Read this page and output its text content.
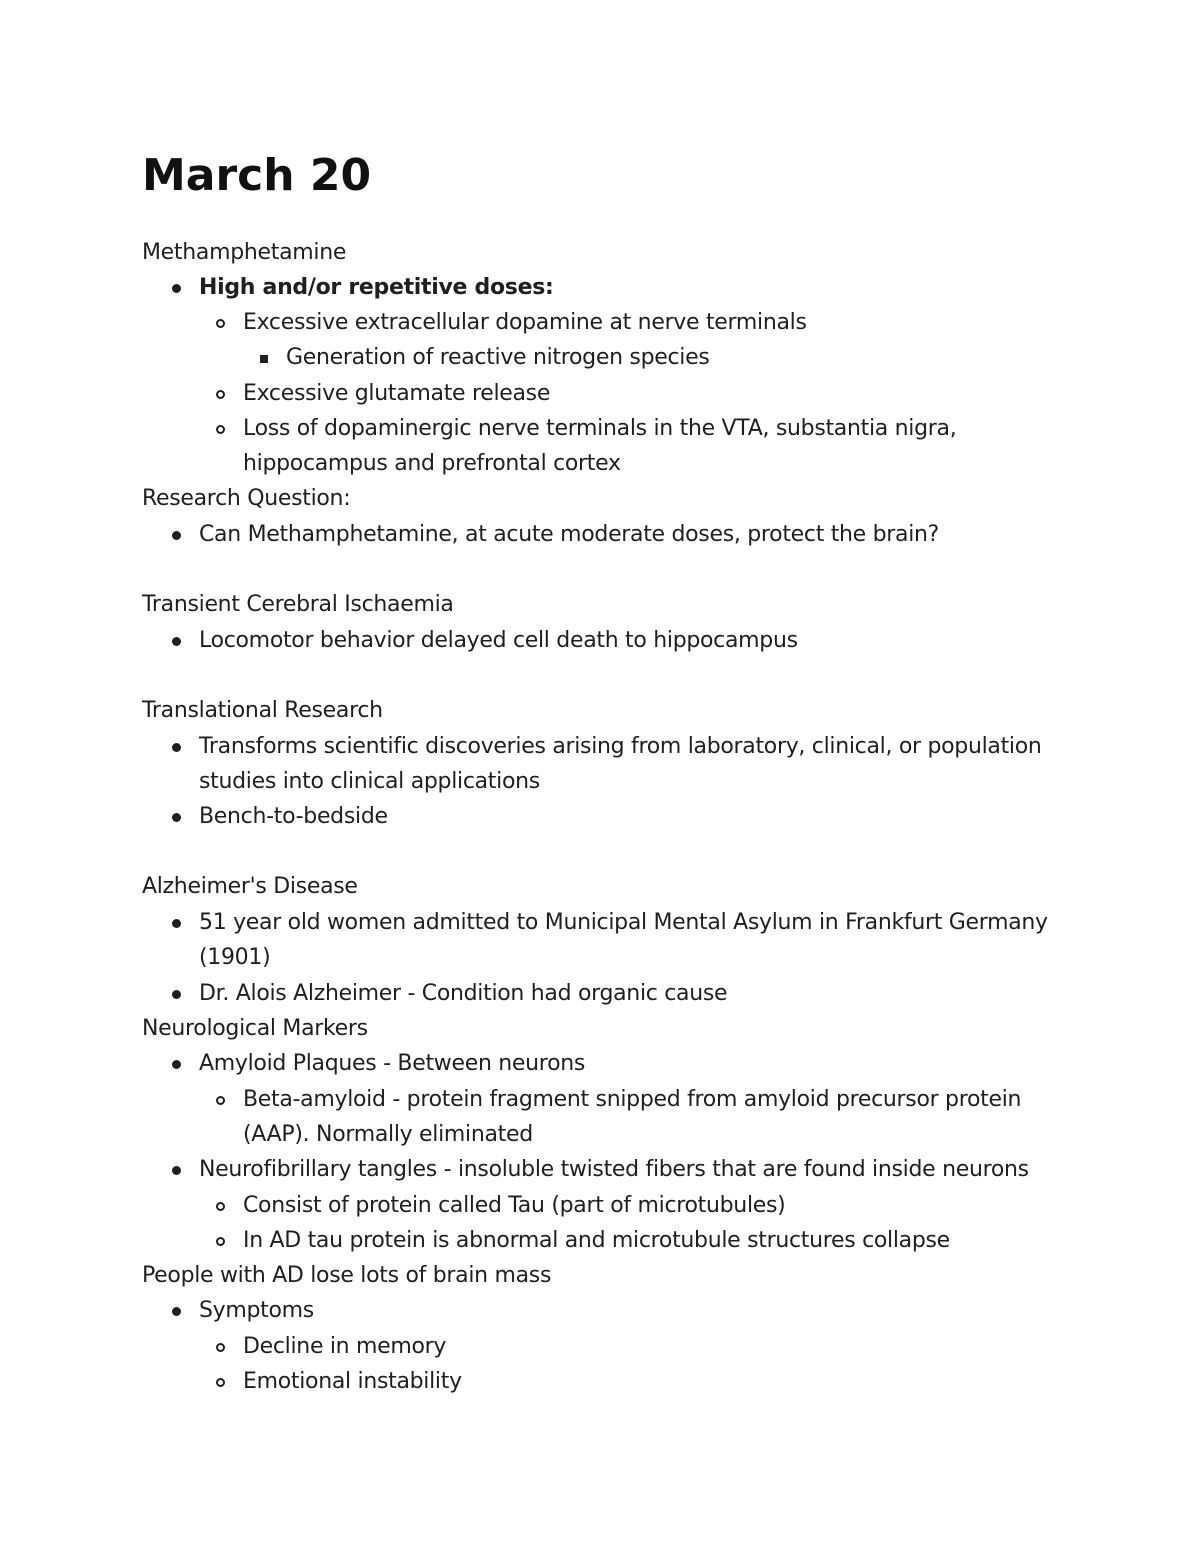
March 20
Methamphetamine
High and/or repetitive doses:
Excessive extracellular dopamine at nerve terminals
Generation of reactive nitrogen species
Excessive glutamate release
Loss of dopaminergic nerve terminals in the VTA, substantia nigra,
hippocampus and prefrontal cortex
Research Question:
Can Methamphetamine, at acute moderate doses, protect the brain?
Transient Cerebral Ischaemia
Locomotor behavior delayed cell death to hippocampus
Translational Research
Transforms scientific discoveries arising from laboratory, clinical, or population
studies into clinical applications
Bench-to-bedside
Alzheimer's Disease
51 year old women admitted to Municipal Mental Asylum in Frankfurt Germany
(1901)
Dr. Alois Alzheimer - Condition had organic cause
Neurological Markers
Amyloid Plaques - Between neurons
Beta-amyloid - protein fragment snipped from amyloid precursor protein
(AAP). Normally eliminated
Neurofibrillary tangles - insoluble twisted fibers that are found inside neurons
Consist of protein called Tau (part of microtubules)
In AD tau protein is abnormal and microtubule structures collapse
People with AD lose lots of brain mass
Symptoms
Decline in memory
Emotional instability
